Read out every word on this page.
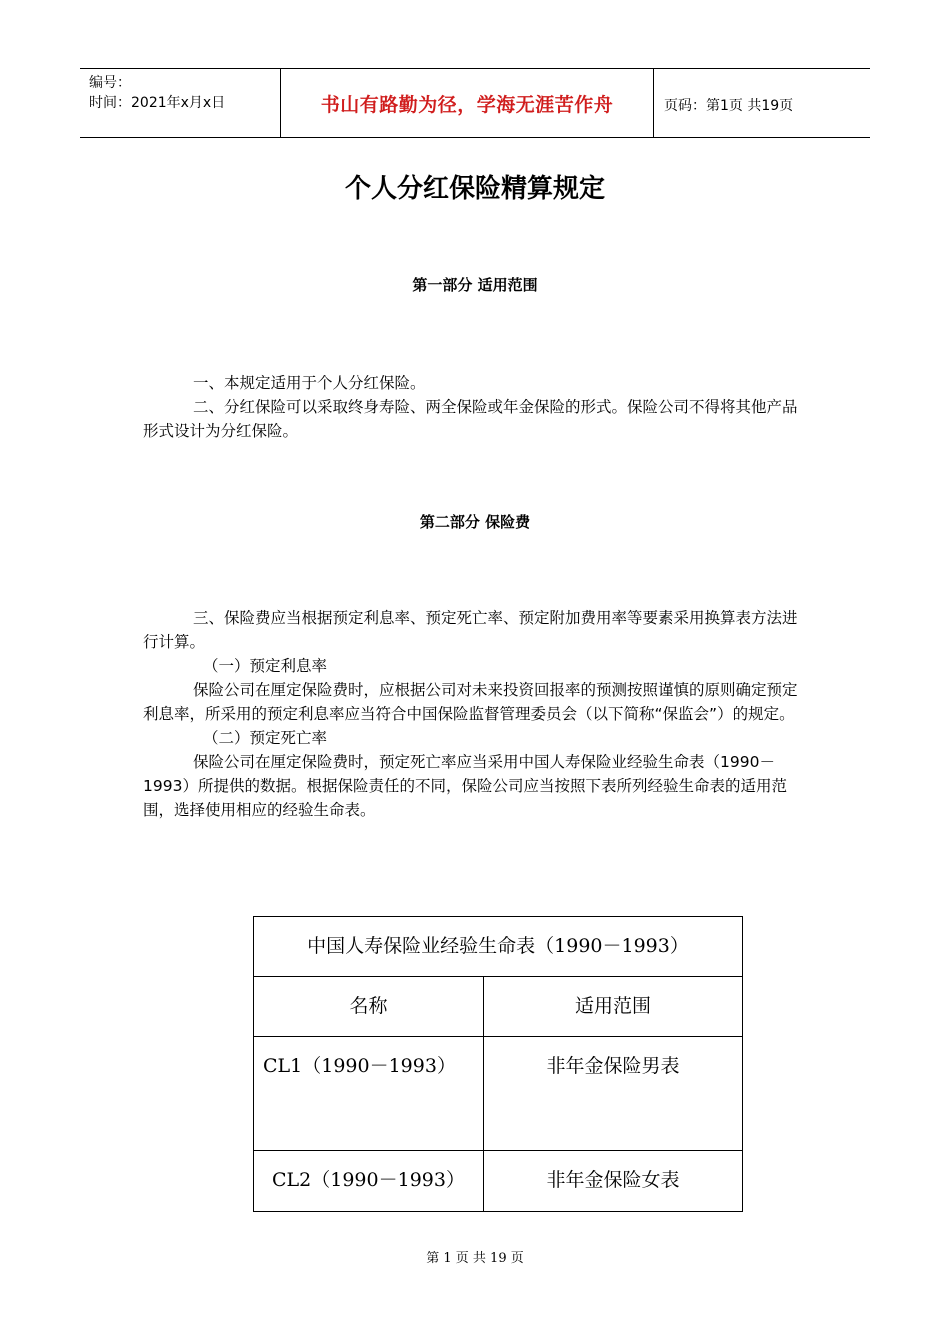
编号：
时间：2021年x月x日	书山有路勤为径，学海无涯苦作舟	页码：第1页 共19页
个人分红保险精算规定
第一部分 适用范围

一、本规定适用于个人分红保险。

二、分红保险可以采取终身寿险、两全保险或年金保险的形式。保险公司不得将其他产品形式设计为分红保险。

第二部分 保险费

三、保险费应当根据预定利息率、预定死亡率、预定附加费用率等要素采用换算表方法进行计算。

（一）预定利息率

保险公司在厘定保险费时，应根据公司对未来投资回报率的预测按照谨慎的原则确定预定利息率，所采用的预定利息率应当符合中国保险监督管理委员会（以下简称“保监会”）的规定。

（二）预定死亡率

保险公司在厘定保险费时，预定死亡率应当采用中国人寿保险业经验生命表（1990－1993）所提供的数据。根据保险责任的不同，保险公司应当按照下表所列经验生命表的适用范围，选择使用相应的经验生命表。

中国人寿保险业经验生命表（1990－1993）
名称	适用范围
CL1（1990－1993）	非年金保险男表
CL2（1990－1993）	非年金保险女表
第 1 页 共 19 页
